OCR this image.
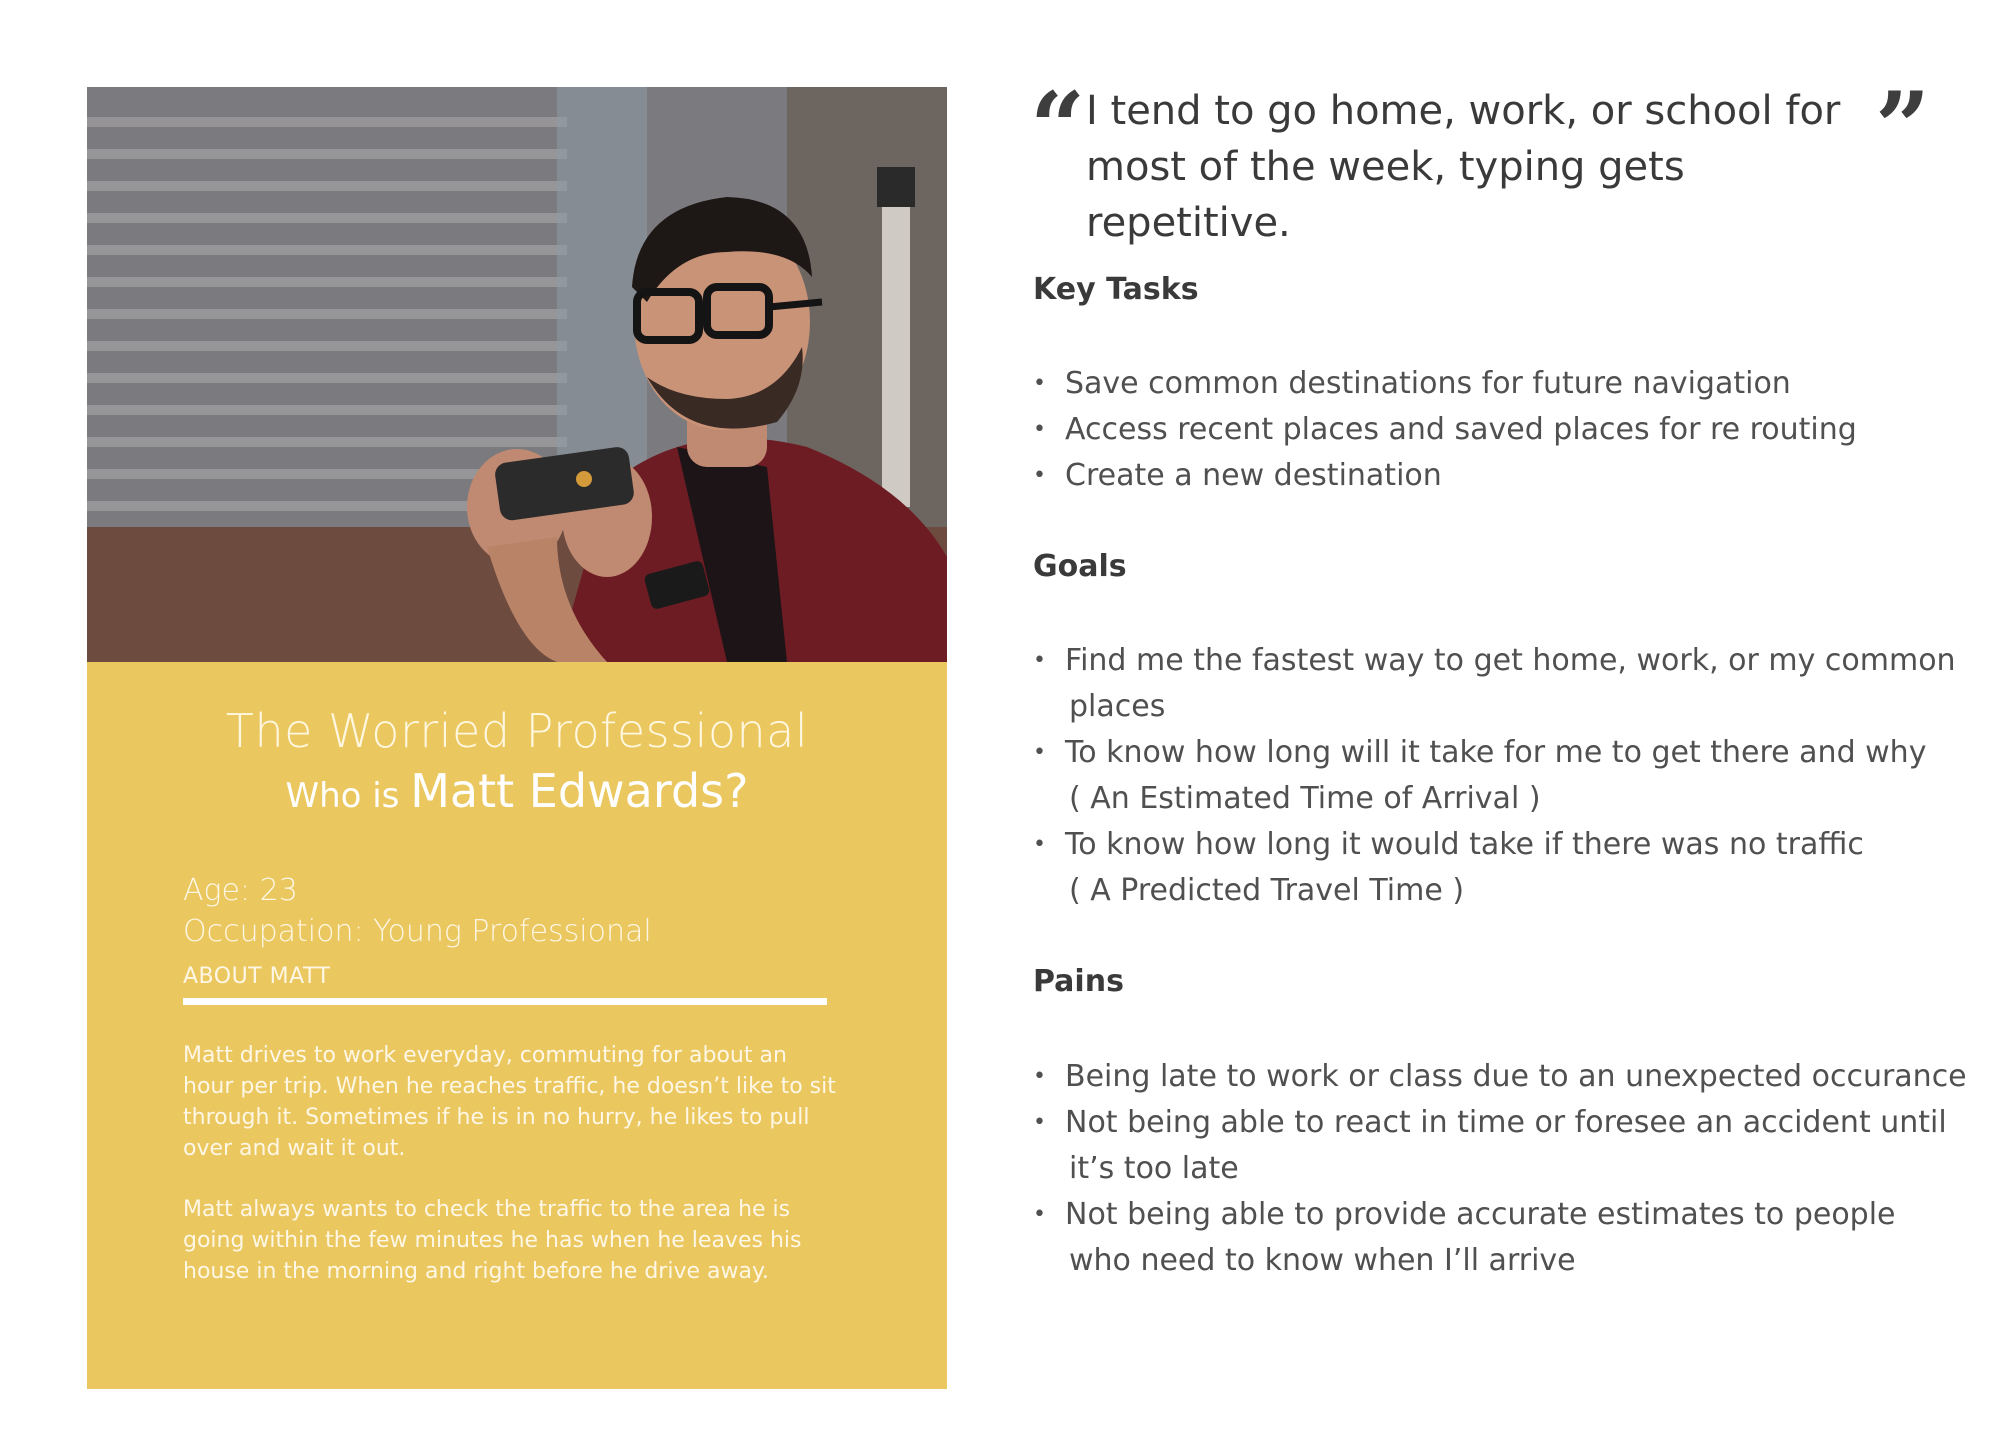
The Worried Professional
Who is Matt Edwards?
Age: 23
Occupation: Young Professional
ABOUT MATT

Matt drives to work everyday, commuting for about an hour per trip. When he reaches traffic, he doesn’t like to sit through it. Sometimes if he is in no hurry, he likes to pull over and wait it out.

Matt always wants to check the traffic to the area he is going within the few minutes he has when he leaves his house in the morning and right before he drive away.

“ I tend to go home, work, or school for
most of the week, typing gets repetitive.
”
Key Tasks
• Save common destinations for future navigation
• Access recent places and saved places for re routing
• Create a new destination
Goals
• Find me the fastest way to get home, work, or my common
places
• To know how long will it take for me to get there and why
( An Estimated Time of Arrival )
• To know how long it would take if there was no traffic
( A Predicted Travel Time )
Pains
• Being late to work or class due to an unexpected occurance
• Not being able to react in time or foresee an accident until
it’s too late
• Not being able to provide accurate estimates to people
who need to know when I’ll arrive
